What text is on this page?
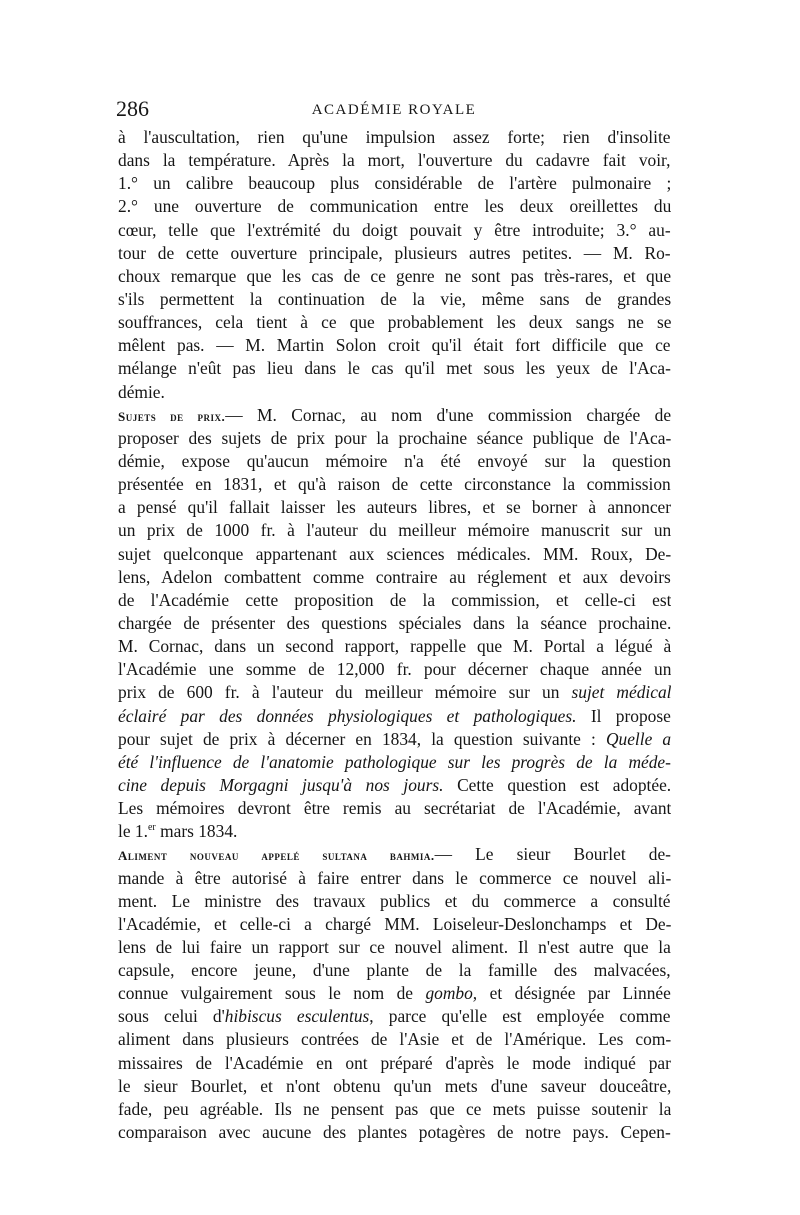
286	ACADÉMIE ROYALE
à l'auscultation, rien qu'une impulsion assez forte; rien d'insolite
dans la température. Après la mort, l'ouverture du cadavre fait voir,
1.° un calibre beaucoup plus considérable de l'artère pulmonaire ;
2.° une ouverture de communication entre les deux oreillettes du
cœur, telle que l'extrémité du doigt pouvait y être introduite; 3.° au-
tour de cette ouverture principale, plusieurs autres petites. — M. Ro-
choux remarque que les cas de ce genre ne sont pas très-rares, et que
s'ils permettent la continuation de la vie, même sans de grandes
souffrances, cela tient à ce que probablement les deux sangs ne se
mêlent pas. — M. Martin Solon croit qu'il était fort difficile que ce
mélange n'eût pas lieu dans le cas qu'il met sous les yeux de l'Aca-
démie.
Sujets de prix.— M. Cornac, au nom d'une commission chargée de
proposer des sujets de prix pour la prochaine séance publique de l'Aca-
démie, expose qu'aucun mémoire n'a été envoyé sur la question
présentée en 1831, et qu'à raison de cette circonstance la commission
a pensé qu'il fallait laisser les auteurs libres, et se borner à annoncer
un prix de 1000 fr. à l'auteur du meilleur mémoire manuscrit sur un
sujet quelconque appartenant aux sciences médicales. MM. Roux, De-
lens, Adelon combattent comme contraire au réglement et aux devoirs
de l'Académie cette proposition de la commission, et celle-ci est
chargée de présenter des questions spéciales dans la séance prochaine.
M. Cornac, dans un second rapport, rappelle que M. Portal a légué à
l'Académie une somme de 12,000 fr. pour décerner chaque année un
prix de 600 fr. à l'auteur du meilleur mémoire sur un sujet médical
éclairé par des données physiologiques et pathologiques. Il propose
pour sujet de prix à décerner en 1834, la question suivante : Quelle a
été l'influence de l'anatomie pathologique sur les progrès de la méde-
cine depuis Morgagni jusqu'à nos jours. Cette question est adoptée.
Les mémoires devront être remis au secrétariat de l'Académie, avant
le 1.$^{er}$ mars 1834.
Aliment nouveau appelé sultana bahmia.— Le sieur Bourlet de-
mande à être autorisé à faire entrer dans le commerce ce nouvel ali-
ment. Le ministre des travaux publics et du commerce a consulté
l'Académie, et celle-ci a chargé MM. Loiseleur-Deslonchamps et De-
lens de lui faire un rapport sur ce nouvel aliment. Il n'est autre que la
capsule, encore jeune, d'une plante de la famille des malvacées,
connue vulgairement sous le nom de gombo, et désignée par Linnée
sous celui d'hibiscus esculentus, parce qu'elle est employée comme
aliment dans plusieurs contrées de l'Asie et de l'Amérique. Les com-
missaires de l'Académie en ont préparé d'après le mode indiqué par
le sieur Bourlet, et n'ont obtenu qu'un mets d'une saveur douceâtre,
fade, peu agréable. Ils ne pensent pas que ce mets puisse soutenir la
comparaison avec aucune des plantes potagères de notre pays. Cepen-
